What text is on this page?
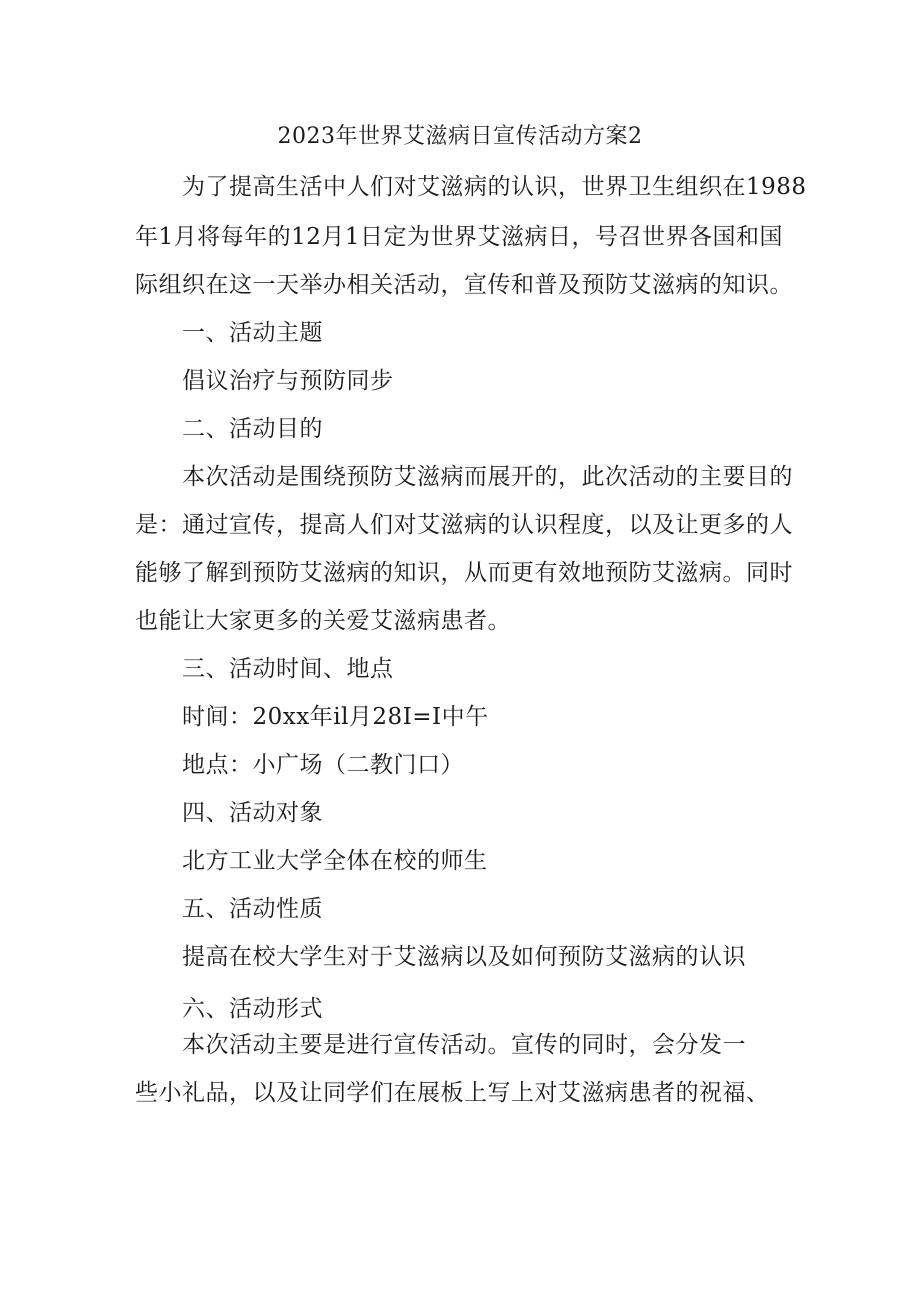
2023年世界艾滋病日宣传活动方案2
为了提高生活中人们对艾滋病的认识，世界卫生组织在1988
年1月将每年的12月1日定为世界艾滋病日，号召世界各国和国
际组织在这一天举办相关活动，宣传和普及预防艾滋病的知识。
一、活动主题
倡议治疗与预防同步
二、活动目的
本次活动是围绕预防艾滋病而展开的，此次活动的主要目的
是：通过宣传，提高人们对艾滋病的认识程度，以及让更多的人
能够了解到预防艾滋病的知识，从而更有效地预防艾滋病。同时
也能让大家更多的关爱艾滋病患者。
三、活动时间、地点
时间：20xx年il月28I=I中午
地点：小广场（二教门口）
四、活动对象
北方工业大学全体在校的师生
五、活动性质
提高在校大学生对于艾滋病以及如何预防艾滋病的认识
六、活动形式
本次活动主要是进行宣传活动。宣传的同时，会分发一
些小礼品，以及让同学们在展板上写上对艾滋病患者的祝福、
